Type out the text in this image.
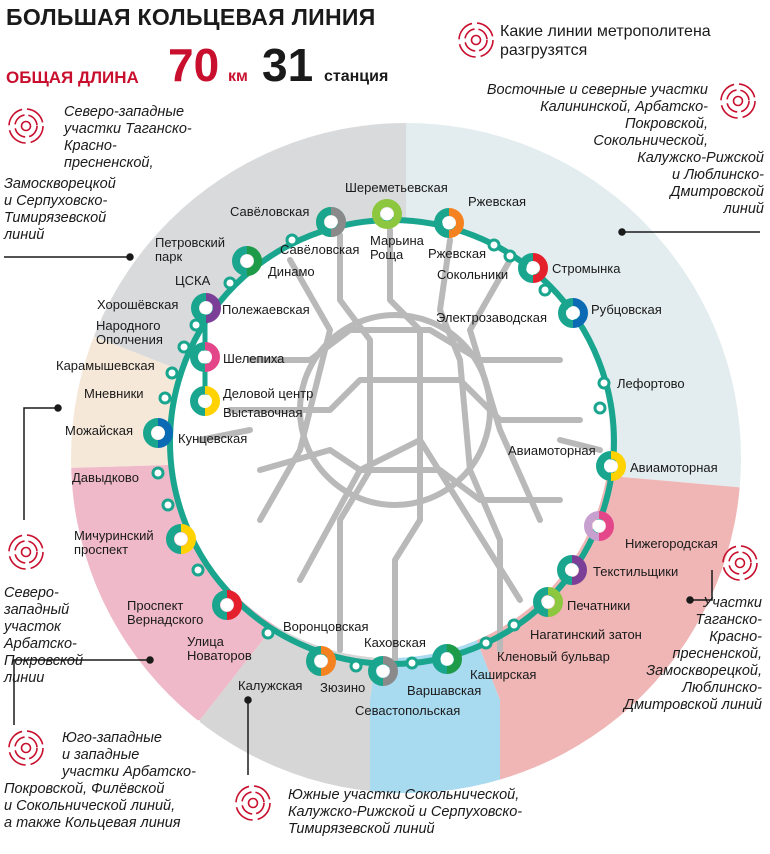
БОЛЬШАЯ КОЛЬЦЕВАЯ ЛИНИЯ
ОБЩАЯ ДЛИНА 70 км 31 станция
Шереметьевская
Марьина
Роща
Ржевская
Ржевская
Стромынка
Сокольники
Электрозаводская
Рубцовская
Лефортово
Авиамоторная
Авиамоторная
Нижегородская
Текстильщики
Печатники
Нагатинский затон
Кленовый бульвар
Каширская
Варшавская
Каховская
Севастопольская
Зюзино
Воронцовская
Калужская
Улица
Новаторов
Проспект
Вернадского
Мичуринский
проспект
Давыдково
Можайская
Кунцевская
Мневники
Карамышевская
Народного
Ополчения
Хорошёвская	Полежаевская
ЦСКА
Петровский
парк
Динамо
Савёловская
Савёловская
Шелепиха
Деловой центр
Выставочная
Какие линии метрополитена
разгрузятся
Северо-западные
участки Таганско-
Красно-
пресненской,
Замоскворецкой
и Серпуховско-
Тимирязевской
линий
Восточные и северные участки
Калининской, Арбатско-
Покровской,
Сокольнической,
Калужско-Рижской
и Люблинско-
Дмитровской
линий
Северо-
западный
участок
Арбатско-
Покровской
линии
Юго-западные
и западные
участки Арбатско-
Покровской, Филёвской
и Сокольнической линий,
а также Кольцевая линия
Южные участки Сокольнической,
Калужско-Рижской и Серпуховско-
Тимирязевской линий
Участки
Таганско-
Красно-
пресненской,
Замоскворецкой,
Люблинско-
Дмитровской линий
